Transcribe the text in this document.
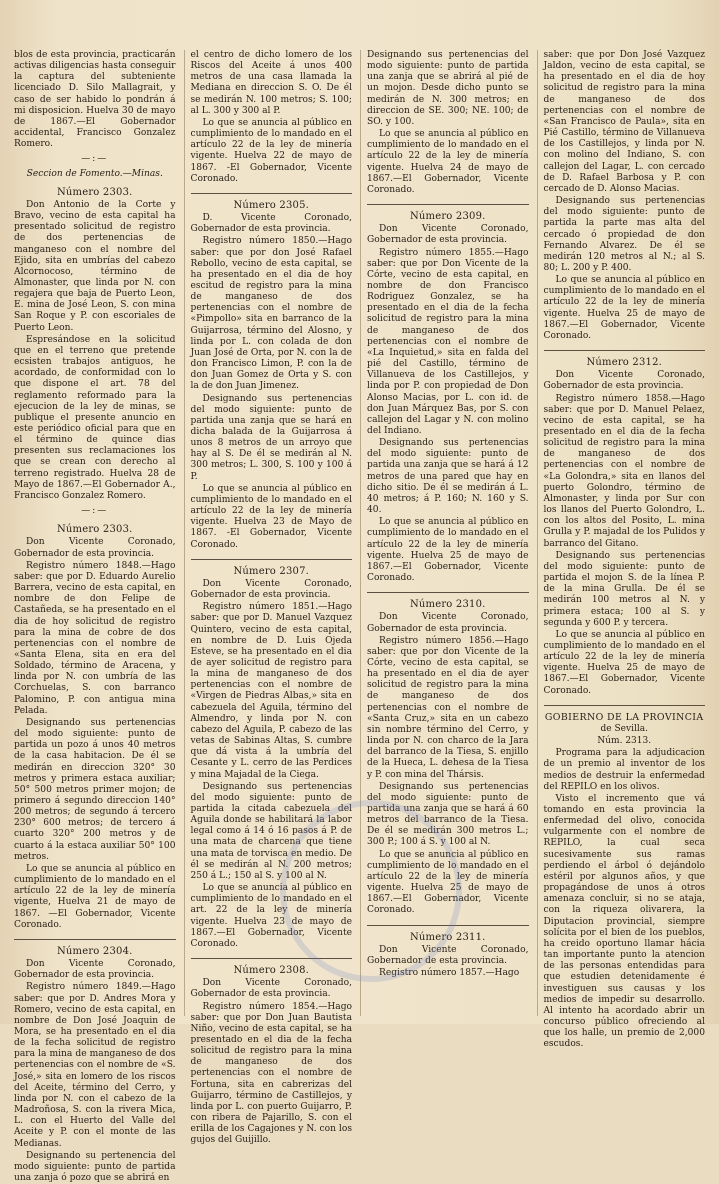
blos de esta provincia, practicarán activas diligencias hasta conseguir la captura del subteniente licenciado D. Silo Mallagrait, y caso de ser habido lo pondrán á mi disposicion. Huelva 30 de mayo de 1867.—El Gobernador accidental, Francisco Gonzalez Romero.

—:—
Seccion de Fomento.—Minas.
Número 2303.

Don Antonio de la Corte y Bravo, vecino de esta capital ha presentado solicitud de registro de dos pertenencias de manganeso con el nombre del Ejido, sita en umbrías del cabezo Alcornocoso, término de Almonaster, que linda por N. con regajera que baja de Puerto Leon, E. mina de José Leon, S. con mina San Roque y P. con escoriales de Puerto Leon.

Espresándose en la solicitud que en el terreno que pretende ecsisten trabajos antiguos, he acordado, de conformidad con lo que dispone el art. 78 del reglamento reformado para la ejecucion de la ley de minas, se publique el presente anuncio en este periódico oficial para que en el término de quince dias presenten sus reclamaciones los que se crean con derecho al terreno registrado. Huelva 28 de Mayo de 1867.—El Gobernador A., Francisco Gonzalez Romero.

—:—
Número 2303.

Don Vicente Coronado, Gobernador de esta provincia.

Registro número 1848.—Hago saber: que por D. Eduardo Aurelio Barrera, vecino de esta capital, en nombre de don Felipe de Castañeda, se ha presentado en el dia de hoy solicitud de registro para la mina de cobre de dos pertenencias con el nombre de «Santa Elena, sita en era del Soldado, término de Aracena, y linda por N. con umbría de las Corchuelas, S. con barranco Palomino, P. con antigua mina Pelada.

Designando sus pertenencias del modo siguiente: punto de partida un pozo á unos 40 metros de la casa habitacion. De él se medirán en direccion 320° 30 metros y primera estaca auxiliar; 50° 500 metros primer mojon; de primero á segundo direccion 140° 200 metros; de segundo á tercero 230° 600 metros; de tercero á cuarto 320° 200 metros y de cuarto á la estaca auxiliar 50° 100 metros.

Lo que se anuncia al público en cumplimiento de lo mandado en el artículo 22 de la ley de minería vigente, Huelva 21 de mayo de 1867. —El Gobernador, Vicente Coronado.

Número 2304.

Don Vicente Coronado, Gobernador de esta provincia.

Registro número 1849.—Hago saber: que por D. Andres Mora y Romero, vecino de esta capital, en nombre de Don José Joaquin de Mora, se ha presentado en el dia de la fecha solicitud de registro para la mina de manganeso de dos pertenencias con el nombre de «S. José,» sita en lomero de los riscos del Aceite, término del Cerro, y linda por N. con el cabezo de la Madroñosa, S. con la rivera Mica, L. con el Huerto del Valle del Aceite y P. con el monte de las Medianas.

Designando su pertenencia del modo siguiente: punto de partida una zanja ó pozo que se abrirá en

el centro de dicho lomero de los Riscos del Aceite á unos 400 metros de una casa llamada la Mediana en direccion S. O. De él se medirán N. 100 metros; S. 100; al L. 300 y 300 al P.

Lo que se anuncia al público en cumplimiento de lo mandado en el artículo 22 de la ley de minería vigente. Huelva 22 de mayo de 1867. -El Gobernador, Vicente Coronado.

Número 2305.

D. Vicente Coronado, Gobernador de esta provincia.

Registro número 1850.—Hago saber: que por don José Rafael Rebollo, vecino de esta capital, se ha presentado en el dia de hoy escitud de registro para la mina de manganeso de dos pertenencias con el nombre de «Pimpollo» sita en barranco de la Guijarrosa, término del Alosno, y linda por L. con colada de don Juan José de Orta, por N. con la de don Francisco Limon, P. con la de don Juan Gomez de Orta y S. con la de don Juan Jimenez.

Designando sus pertenencias del modo siguiente: punto de partida una zanja que se hará en dicha balada de la Guijarrosa á unos 8 metros de un arroyo que hay al S. De él se medirán al N. 300 metros; L. 300, S. 100 y 100 á P.

Lo que se anuncia al público en cumplimiento de lo mandado en el artículo 22 de la ley de minería vigente. Huelva 23 de Mayo de 1867. -El Gobernador, Vicente Coronado.

Número 2307.

Don Vicente Coronado, Gobernador de esta provincia.

Registro número 1851.—Hago saber: que por D. Manuel Vazquez Quintero, vecino de esta capital, en nombre de D. Luis Ojeda Esteve, se ha presentado en el dia de ayer solicitud de registro para la mina de manganeso de dos pertenencias con el nombre de «Virgen de Piedras Albas,» sita en cabezuela del Aguila, término del Almendro, y linda por N. con cabezo del Aguila, P. cabezo de las vetas de Sabinas Altas, S. cumbre que dá vista á la umbría del Cesante y L. cerro de las Perdices y mina Majadal de la Ciega.

Designando sus pertenencias del modo siguiente: punto de partida la citada cabezuela del Aguila donde se habilitará la labor legal como á 14 ó 16 pasos á P. de una mata de charcena que tiene una mata de torvisca en medio. De él se medirán al N. 200 metros; 250 á L.; 150 al S. y 100 al N.

Lo que se anuncia al público en cumplimiento de lo mandado en el art. 22 de la ley de minería vigente. Huelva 23 de mayo de 1867.—El Gobernador, Vicente Coronado.

Número 2308.

Don Vicente Coronado, Gobernador de esta provincia.

Registro número 1854.—Hago saber: que por Don Juan Bautista Niño, vecino de esta capital, se ha presentado en el dia de la fecha solicitud de registro para la mina de manganeso de dos pertenencias con el nombre de Fortuna, sita en cabrerizas del Guijarro, término de Castillejos, y linda por L. con puerto Guijarro, P. con ribera de Pajarillo, S. con el erilla de los Cagajones y N. con los gujos del Guijillo.

Designando sus pertenencias del modo siguiente: punto de partida una zanja que se abrirá al pié de un mojon. Desde dicho punto se medirán de N. 300 metros; en direccion de SE. 300; NE. 100; de SO. y 100.

Lo que se anuncia al público en cumplimiento de lo mandado en el artículo 22 de la ley de minería vigente. Huelva 24 de mayo de 1867.—El Gobernador, Vicente Coronado.

Número 2309.

Don Vicente Coronado, Gobernador de esta provincia.

Registro número 1855.—Hago saber: que por Don Vicente de la Córte, vecino de esta capital, en nombre de don Francisco Rodriguez Gonzalez, se ha presentado en el dia de la fecha solicitud de registro para la mina de manganeso de dos pertenencias con el nombre de «La Inquietud,» sita en falda del pié del Castillo, término de Villanueva de los Castillejos, y linda por P. con propiedad de Don Alonso Macias, por L. con id. de don Juan Márquez Bas, por S. con callejon del Lagar y N. con molino del Indiano.

Designando sus pertenencias del modo siguiente: punto de partida una zanja que se hará á 12 metros de una pared que hay en dicho sitio. De él se medirán á L. 40 metros; á P. 160; N. 160 y S. 40.

Lo que se anuncia al público en cumplimiento de lo mandado en el artículo 22 de la ley de minería vigente. Huelva 25 de mayo de 1867.—El Gobernador, Vicente Coronado.

Número 2310.

Don Vicente Coronado, Gobernador de esta provincia.

Registro número 1856.—Hago saber: que por don Vicente de la Córte, vecino de esta capital, se ha presentado en el dia de ayer solicitud de registro para la mina de manganeso de dos pertenencias con el nombre de «Santa Cruz,» sita en un cabezo sin nombre término del Cerro, y linda por N. con charco de la Jara del barranco de la Tiesa, S. enjillo de la Hueca, L. dehesa de la Tiesa y P. con mina del Thársis.

Designando sus pertenencias del modo siguiente: punto de partida una zanja que se hará á 60 metros del barranco de la Tiesa. De él se medirán 300 metros L.; 300 P.; 100 á S. y 100 al N.

Lo que se anuncia al público en cumplimiento de lo mandado en el artículo 22 de la ley de minería vigente. Huelva 25 de mayo de 1867.—El Gobernador, Vicente Coronado.

Número 2311.

Don Vicente Coronado, Gobernador de esta provincia.

Registro número 1857.—Hago

saber: que por Don José Vazquez Jaldon, vecino de esta capital, se ha presentado en el dia de hoy solicitud de registro para la mina de manganeso de dos pertenencias con el nombre de «San Francisco de Paula», sita en Pié Castillo, término de Villanueva de los Castillejos, y linda por N. con molino del Indiano, S. con callejon del Lagar, L. con cercado de D. Rafael Barbosa y P. con cercado de D. Alonso Macias.

Designando sus pertenencias del modo siguiente: punto de partida la parte mas alta del cercado ó propiedad de don Fernando Alvarez. De él se medirán 120 metros al N.; al S. 80; L. 200 y P. 400.

Lo que se anuncia al público en cumplimiento de lo mandado en el artículo 22 de la ley de minería vigente. Huelva 25 de mayo de 1867.—El Gobernador, Vicente Coronado.

Número 2312.

Don Vicente Coronado, Gobernador de esta provincia.

Registro número 1858.—Hago saber: que por D. Manuel Pelaez, vecino de esta capital, se ha presentado en el dia de la fecha solicitud de registro para la mina de manganeso de dos pertenencias con el nombre de «La Golondra,» sita en llanos del puerto Golondro, término de Almonaster, y linda por Sur con los llanos del Puerto Golondro, L. con los altos del Posito, L. mina Grulla y P. majadal de los Pulidos y barranco del Gitano.

Designando sus pertenencias del modo siguiente: punto de partida el mojon S. de la línea P. de la mina Grulla. De él se medirán 100 metros al N. y primera estaca; 100 al S. y segunda y 600 P. y tercera.

Lo que se anuncia al público en cumplimiento de lo mandado en el artículo 22 de la ley de minería vigente. Huelva 25 de mayo de 1867.—El Gobernador, Vicente Coronado.

GOBIERNO DE LA PROVINCIA
de Sevilla.
Núm. 2313.

Programa para la adjudicacion de un premio al inventor de los medios de destruir la enfermedad del REPILO en los olivos.

Visto el incremento que vá tomando en esta provincia la enfermedad del olivo, conocida vulgarmente con el nombre de REPILO, la cual seca sucesivamente sus ramas perdiendo el árbol ó dejándolo estéril por algunos años, y que propagándose de unos á otros amenaza concluir, si no se ataja, con la riqueza olivarera, la Diputacion provincial, siempre solícita por el bien de los pueblos, ha creido oportuno llamar hácia tan importante punto la atencion de las personas entendidas para que estudien detenidamente é investiguen sus causas y los medios de impedir su desarrollo. Al intento ha acordado abrir un concurso público ofreciendo al que los halle, un premio de 2,000 escudos.
